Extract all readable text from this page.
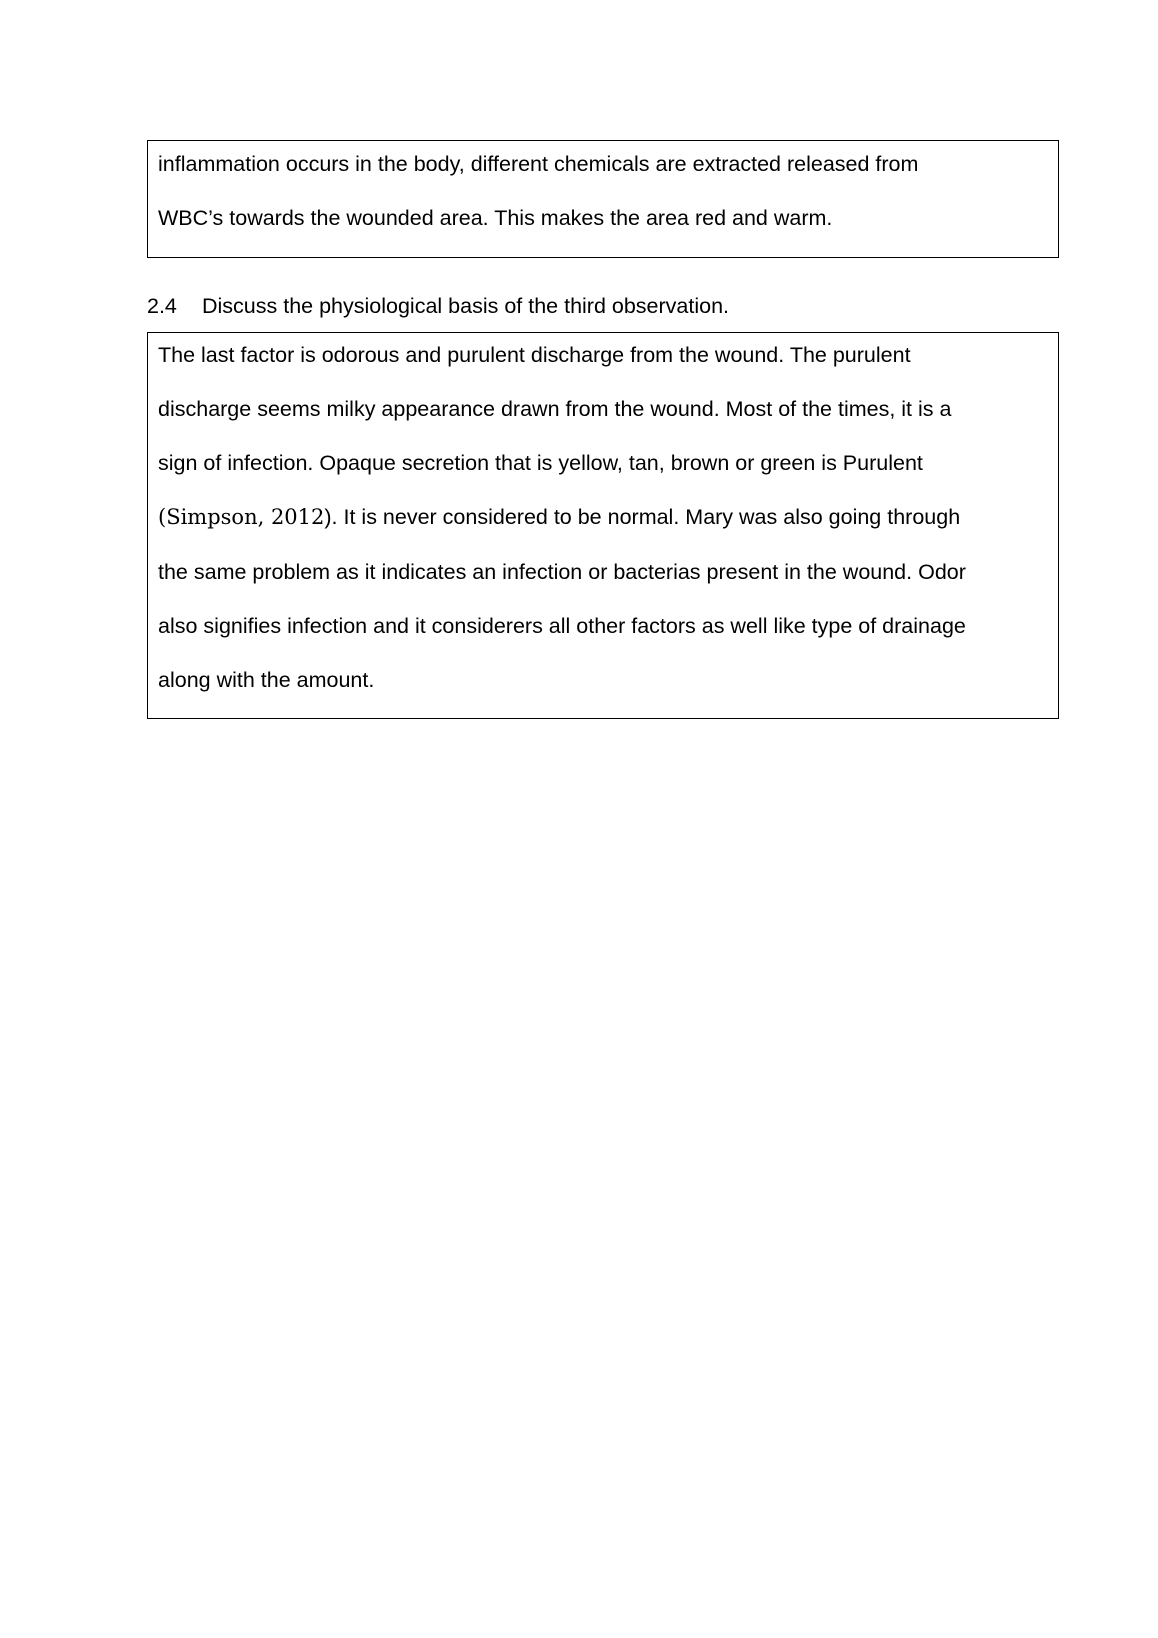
inflammation occurs in the body, different chemicals are extracted released from
WBC’s towards the wounded area. This makes the area red and warm.
2.4 Discuss the physiological basis of the third observation.
The last factor is odorous and purulent discharge from the wound. The purulent
discharge seems milky appearance drawn from the wound. Most of the times, it is a
sign of infection. Opaque secretion that is yellow, tan, brown or green is Purulent
(Simpson, 2012). It is never considered to be normal. Mary was also going through
the same problem as it indicates an infection or bacterias present in the wound. Odor
also signifies infection and it considerers all other factors as well like type of drainage
along with the amount.
